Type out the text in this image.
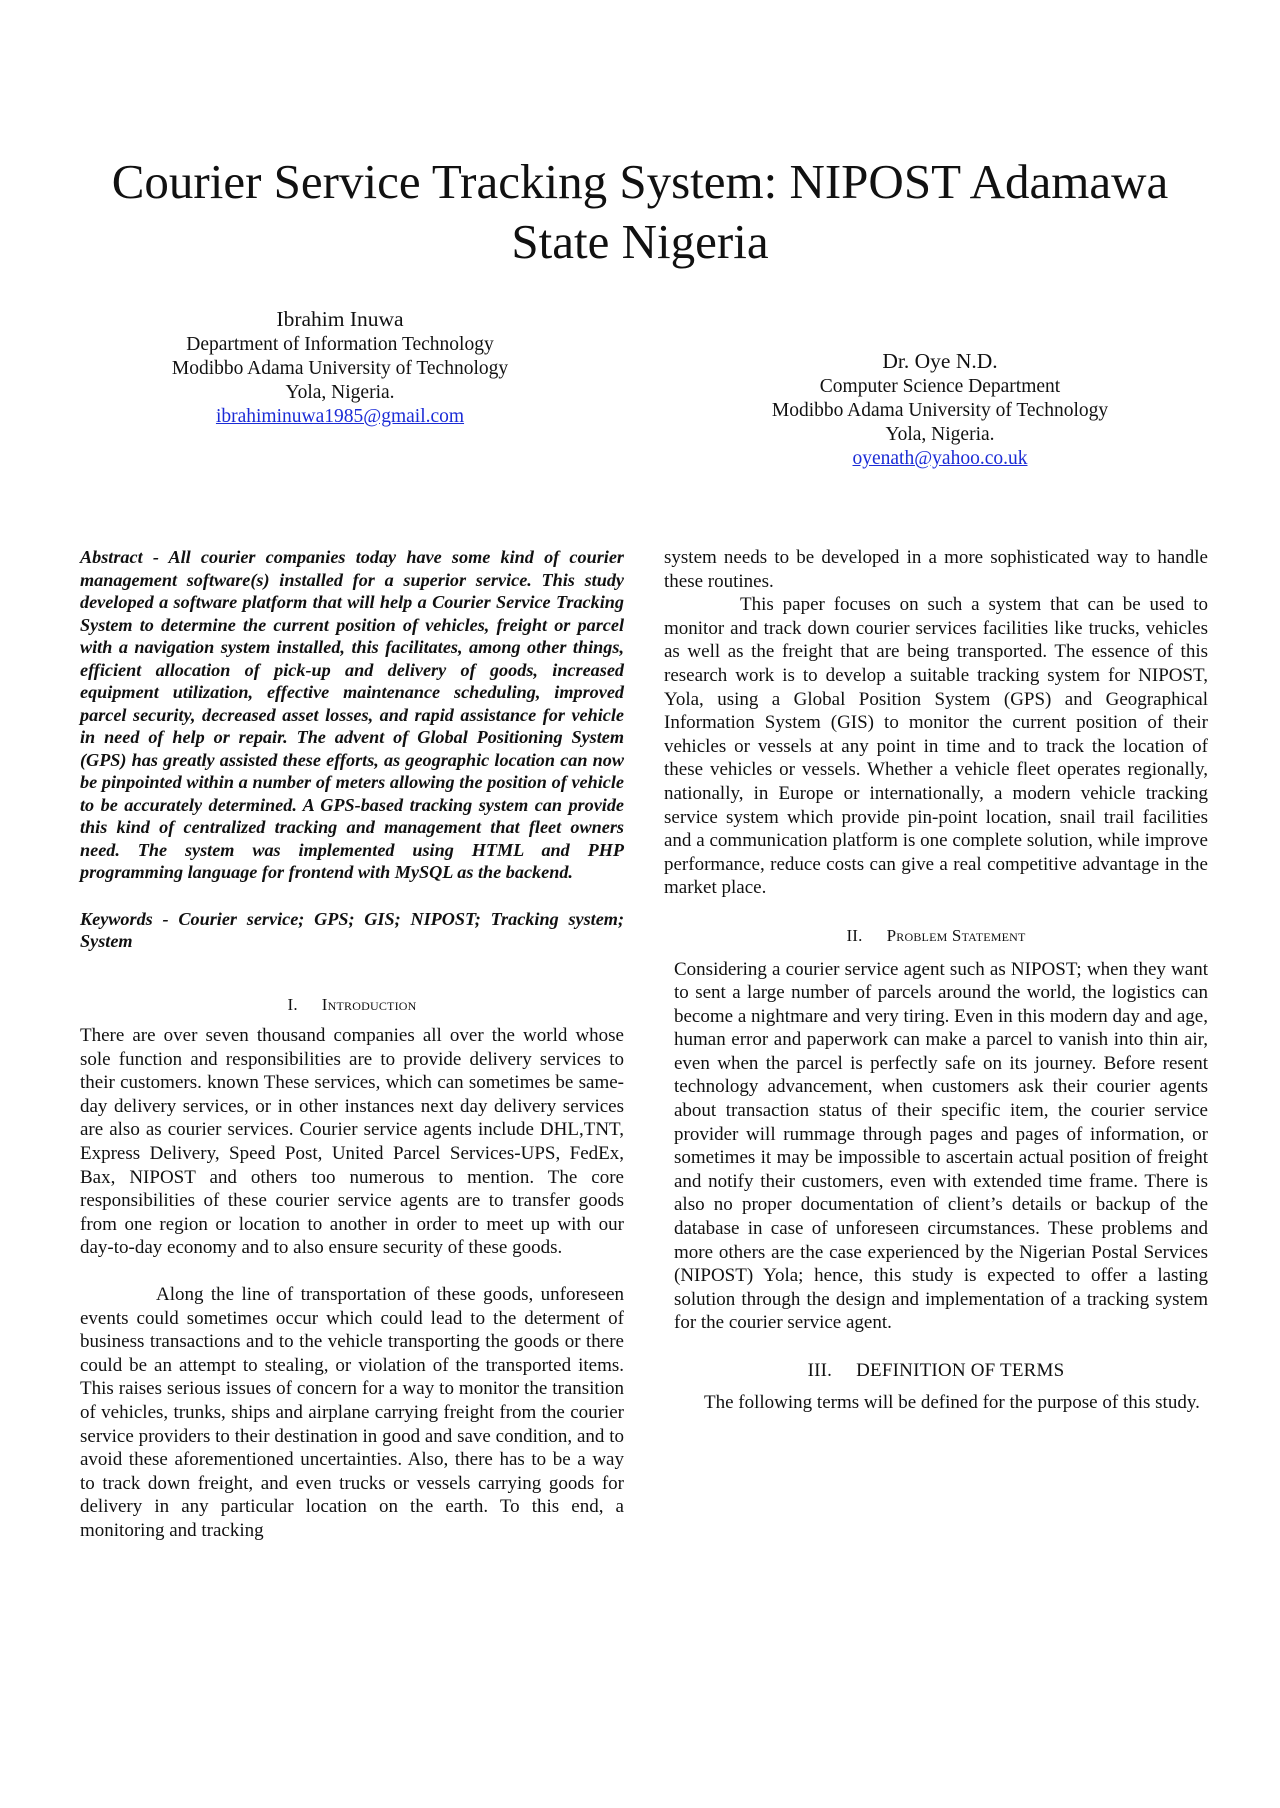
Courier Service Tracking System: NIPOST Adamawa State Nigeria
Ibrahim Inuwa
Department of Information Technology
Modibbo Adama University of Technology
Yola, Nigeria.
ibrahiminuwa1985@gmail.com
Dr. Oye N.D.
Computer Science Department
Modibbo Adama University of Technology
Yola, Nigeria.
oyenath@yahoo.co.uk

Abstract - All courier companies today have some kind of courier management software(s) installed for a superior service. This study developed a software platform that will help a Courier Service Tracking System to determine the current position of vehicles, freight or parcel with a navigation system installed, this facilitates, among other things, efficient allocation of pick-up and delivery of goods, increased equipment utilization, effective maintenance scheduling, improved parcel security, decreased asset losses, and rapid assistance for vehicle in need of help or repair. The advent of Global Positioning System (GPS) has greatly assisted these efforts, as geographic location can now be pinpointed within a number of meters allowing the position of vehicle to be accurately determined. A GPS-based tracking system can provide this kind of centralized tracking and management that fleet owners need. The system was implemented using HTML and PHP programming language for frontend with MySQL as the backend.

Keywords - Courier service; GPS; GIS; NIPOST; Tracking system; System

I. Introduction

There are over seven thousand companies all over the world whose sole function and responsibilities are to provide delivery services to their customers. known These services, which can sometimes be same-day delivery services, or in other instances next day delivery services are also as courier services. Courier service agents include DHL,TNT, Express Delivery, Speed Post, United Parcel Services-UPS, FedEx, Bax, NIPOST and others too numerous to mention. The core responsibilities of these courier service agents are to transfer goods from one region or location to another in order to meet up with our day-to-day economy and to also ensure security of these goods.

Along the line of transportation of these goods, unforeseen events could sometimes occur which could lead to the determent of business transactions and to the vehicle transporting the goods or there could be an attempt to stealing, or violation of the transported items. This raises serious issues of concern for a way to monitor the transition of vehicles, trunks, ships and airplane carrying freight from the courier service providers to their destination in good and save condition, and to avoid these aforementioned uncertainties. Also, there has to be a way to track down freight, and even trucks or vessels carrying goods for delivery in any particular location on the earth. To this end, a monitoring and tracking

system needs to be developed in a more sophisticated way to handle these routines.

This paper focuses on such a system that can be used to monitor and track down courier services facilities like trucks, vehicles as well as the freight that are being transported. The essence of this research work is to develop a suitable tracking system for NIPOST, Yola, using a Global Position System (GPS) and Geographical Information System (GIS) to monitor the current position of their vehicles or vessels at any point in time and to track the location of these vehicles or vessels. Whether a vehicle fleet operates regionally, nationally, in Europe or internationally, a modern vehicle tracking service system which provide pin-point location, snail trail facilities and a communication platform is one complete solution, while improve performance, reduce costs can give a real competitive advantage in the market place.

II. Problem Statement

Considering a courier service agent such as NIPOST; when they want to sent a large number of parcels around the world, the logistics can become a nightmare and very tiring. Even in this modern day and age, human error and paperwork can make a parcel to vanish into thin air, even when the parcel is perfectly safe on its journey. Before resent technology advancement, when customers ask their courier agents about transaction status of their specific item, the courier service provider will rummage through pages and pages of information, or sometimes it may be impossible to ascertain actual position of freight and notify their customers, even with extended time frame. There is also no proper documentation of client’s details or backup of the database in case of unforeseen circumstances. These problems and more others are the case experienced by the Nigerian Postal Services (NIPOST) Yola; hence, this study is expected to offer a lasting solution through the design and implementation of a tracking system for the courier service agent.

III. DEFINITION OF TERMS

The following terms will be defined for the purpose of this study.
